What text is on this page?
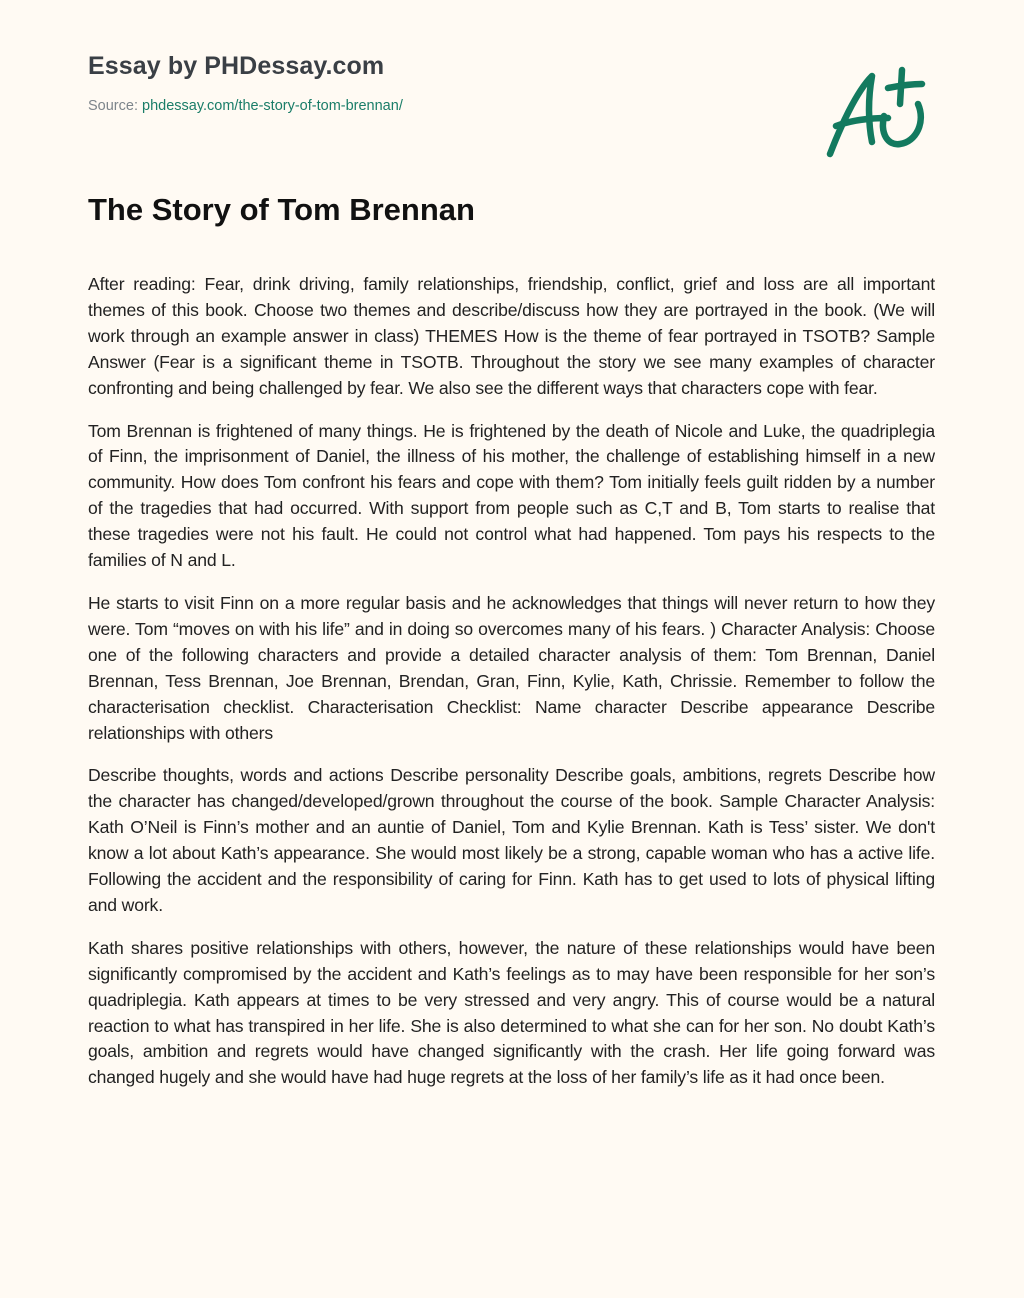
Essay by PHDessay.com
Source: phdessay.com/the-story-of-tom-brennan/
The Story of Tom Brennan

After reading: Fear, drink driving, family relationships, friendship, conflict, grief and loss are all important themes of this book. Choose two themes and describe/discuss how they are portrayed in the book. (We will work through an example answer in class) THEMES How is the theme of fear portrayed in TSOTB? Sample Answer (Fear is a significant theme in TSOTB. Throughout the story we see many examples of character confronting and being challenged by fear. We also see the different ways that characters cope with fear.

Tom Brennan is frightened of many things. He is frightened by the death of Nicole and Luke, the quadriplegia of Finn, the imprisonment of Daniel, the illness of his mother, the challenge of establishing himself in a new community. How does Tom confront his fears and cope with them? Tom initially feels guilt ridden by a number of the tragedies that had occurred. With support from people such as C,T and B, Tom starts to realise that these tragedies were not his fault. He could not control what had happened. Tom pays his respects to the families of N and L.

He starts to visit Finn on a more regular basis and he acknowledges that things will never return to how they were. Tom “moves on with his life” and in doing so overcomes many of his fears. ) Character Analysis: Choose one of the following characters and provide a detailed character analysis of them: Tom Brennan, Daniel Brennan, Tess Brennan, Joe Brennan, Brendan, Gran, Finn, Kylie, Kath, Chrissie. Remember to follow the characterisation checklist. Characterisation Checklist: Name character Describe appearance Describe relationships with others

Describe thoughts, words and actions Describe personality Describe goals, ambitions, regrets Describe how the character has changed/developed/grown throughout the course of the book. Sample Character Analysis: Kath O’Neil is Finn’s mother and an auntie of Daniel, Tom and Kylie Brennan. Kath is Tess’ sister. We don't know a lot about Kath’s appearance. She would most likely be a strong, capable woman who has a active life. Following the accident and the responsibility of caring for Finn. Kath has to get used to lots of physical lifting and work.

Kath shares positive relationships with others, however, the nature of these relationships would have been significantly compromised by the accident and Kath’s feelings as to may have been responsible for her son’s quadriplegia. Kath appears at times to be very stressed and very angry. This of course would be a natural reaction to what has transpired in her life. She is also determined to what she can for her son. No doubt Kath’s goals, ambition and regrets would have changed significantly with the crash. Her life going forward was changed hugely and she would have had huge regrets at the loss of her family’s life as it had once been.
